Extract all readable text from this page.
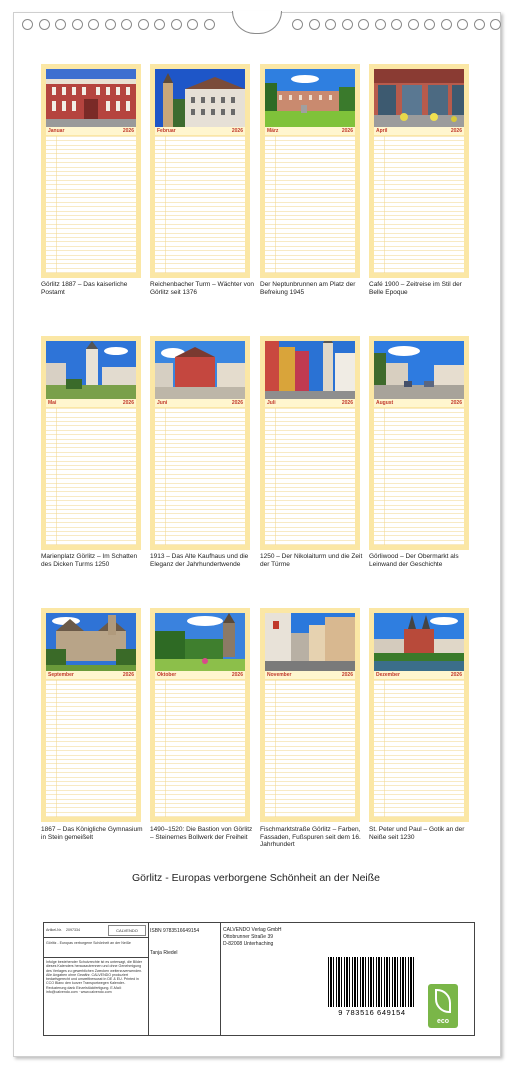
Januar	2026
Görlitz 1887 – Das kaiserliche Postamt
Februar	2026
Reichenbacher Turm – Wächter von Görlitz seit 1376
März	2026
Der Neptunbrunnen am Platz der Befreiung 1945
April	2026
Café 1900 – Zeitreise im Stil der Belle Epoque
Mai	2026
Marienplatz Görlitz – Im Schatten des Dicken Turms 1250
Juni	2026
1913 – Das Alte Kaufhaus und die Eleganz der Jahrhundertwende
Juli	2026
1250 – Der Nikolaiturm und die Zeit der Türme
August	2026
Görliwood – Der Obermarkt als Leinwand der Geschichte
September	2026
1867 – Das Königliche Gymnasium in Stein gemeißelt
Oktober	2026
1490–1520: Die Bastion von Görlitz – Steinernes Bollwerk der Freiheit
November	2026
Fischmarktstraße Görlitz – Farben, Fassaden, Fußspuren seit dem 16. Jahrhundert
Dezember	2026
St. Peter und Paul – Gotik an der Neiße seit 1230
Görlitz - Europas verborgene Schönheit an der Neiße
Artikel-Nr. 2097334	CALVENDO
Görlitz - Europas verborgene Schönheit an der Neiße
Infolge bestehender Schutzrechte ist es untersagt, die Bilder dieses Kalenders herauszutrennen und ohne Genehmigung des Verlages zu gewerblichen Zwecken weiterzuverwenden. Alle Angaben ohne Gewähr. CALVENDO produziert bedarfsgerecht und umweltbewusst in DE & EU. Printed in CCO Blanc den kurzer Transportwegen Kalender-Reduzierung dank Einzelstückfertigung. E-Mail: info@calvendo.com · www.calvendo.com
ISBN 9783516649154
Tanja Riedel
CALVENDO Verlag GmbH
Ottobrunner Straße 39
D-82008 Unterhaching
9 783516 649154
eco
